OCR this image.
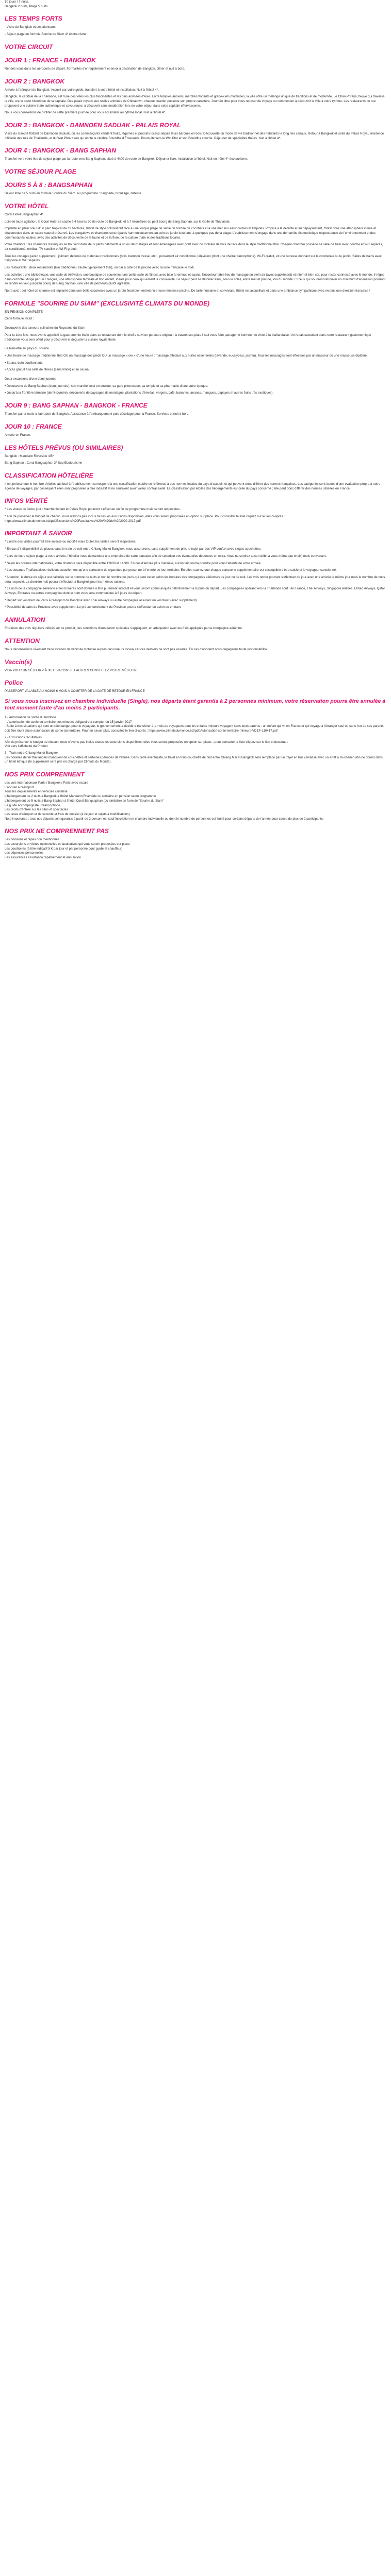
10 jours / 7 nuits.

Bangkok 2 nuits, Plage 5 nuits.

LES TEMPS FORTS

- Visite de Bangkok et ses alentours

- Séjour plage en formule Sourire du Siam 4* écotourisme

VOTRE CIRCUIT
JOUR 1 : FRANCE - BANGKOK

Rendez-vous dans les aéroports de départ. Formalités d'enregistrement et envol à destination de Bangkok. Dîner et nuit à bord.

JOUR 2 : BANGKOK

Arrivée à l'aéroport de Bangkok. Accueil par votre guide, transfert à votre hôtel et installation. Nuit à l'hôtel 4*.

Bangkok, la capitale de la Thaïlande, est l'une des villes les plus fascinantes et les plus animées d'Asie. Entre temples anciens, marchés flottants et gratte-ciels modernes, la ville offre un mélange unique de traditions et de modernité. Le Chao Phraya, fleuve qui traverse la ville, est le cœur historique de la capitale. Des palais royaux aux ruelles animées de Chinatown, chaque quartier possède son propre caractère. Journée libre pour vous reposer du voyage ou commencer à découvrir la ville à votre rythme. Les restaurants de rue proposent une cuisine thaïe authentique et savoureuse, à découvrir sans modération lors de votre séjour dans cette capitale effervescente.

Nous vous conseillons de profiter de cette première journée pour vous acclimater au rythme local. Nuit à l'hôtel 4*.

JOUR 3 : BANGKOK - DAMNOEN SADUAK - PALAIS ROYAL

Visite du marché flottant de Damnoen Saduak, où les commerçants vendent fruits, légumes et produits locaux depuis leurs barques en bois. Découverte du mode de vie traditionnel des habitants le long des canaux. Retour à Bangkok et visite du Palais Royal, résidence officielle des rois de Thaïlande, et du Wat Phra Kaeo qui abrite le célèbre Bouddha d'Émeraude. Poursuite vers le Wat Pho et son Bouddha couché. Déjeuner de spécialités thaïes. Nuit à l'hôtel 4*.

JOUR 4 : BANGKOK - BANG SAPHAN

Transfert vers votre lieu de séjour plage par la route vers Bang Saphan, situé à 4h00 de route de Bangkok. Déjeuner libre. Installation à l'hôtel. Nuit en hôtel 4* écotourisme.

VOTRE SÉJOUR PLAGE
JOURS 5 À 8 : BANGSAPHAN

Séjour libre de 5 nuits en formule Sourire du Siam. Au programme : baignade, bronzage, détente.

VOTRE HÔTEL

Coral Hotel Bangsaphan 4*

Loin de toute agitation, le Coral Hotel se cache à 4 heures 30 de route de Bangkok, et à 7 kilomètres du petit bourg de Bang Saphan, sur le Golfe de Thaïlande.

Implanté en plein cœur d'un parc tropical de 11 hectares, l'hôtel de style colonial fait face à une longue plage de sable fin bordée de cocotiers et à une mer aux eaux calmes et limpides. Propice à la détente et au dépaysement, l'hôtel offre une atmosphère intime et chaleureuse dans un cadre naturel préservé. Les bungalows et chambres sont répartis harmonieusement au sein du jardin luxuriant, à quelques pas de la plage. L'établissement s'engage dans une démarche écotouristique respectueuse de l'environnement et des communautés locales, avec des activités de découverte de la faune et de la flore, de la culture thaïe et des traditions locales.

Votre chambre : les chambres classiques se trouvent dans deux petits bâtiments à un ou deux étages et sont aménagées avec goût avec du mobilier de bois de teck dans le style traditionnel thaï. Chaque chambre possède sa salle de bain avec douche et WC séparés, air conditionné, minibar, TV satellite et Wi-Fi gratuit.

Tous les cottages (avec supplément), joliment décorés de matériaux traditionnels (bois, bambou tressé, etc.), possèdent air conditionné, télévision (dont une chaîne francophone), Wi-Fi gratuit, et une terrasse donnant sur la cocoteraie ou le jardin. Salles de bains avec baignoire et WC séparés.

Les restaurants : deux restaurants (l'un traditionnel, l'autre typiquement thaï), un bar à côté de la piscine avec cuisine française le midi.

Les activités : une bibliothèque, une salle de télévision, une boutique de souvenirs, une petite salle de fitness avec bain à remous et sauna, l'incontournable lieu de massage en plein air (avec supplément) et internet bien sûr, pour rester connecté avec le monde. Il règne dans cet hôtel, dirigé par un Français, une atmosphère familiale et bon enfant, idéale pour ceux qui aiment la convivialité. Le séjour peut se dérouler ainsi, sous le soleil, entre mer et piscine, loin du monde. Et ceux qui voudront retrouver un minimum d'animation pourront se rendre en vélo jusqu'au bourg de Bang Saphan, une ville de pêcheurs plutôt agréable.

Notre avis : cet hôtel de charme est implanté dans une belle cocoteraie avec un jardin fleuri bien entretenu et une immense piscine. De taille humaine et conviviale, l'hôtel est accueillant et dans une ambiance sympathique avec en plus une direction française !

FORMULE "SOURIRE DU SIAM" (EXCLUSIVITÉ CLIMATS DU MONDE)

EN PENSION COMPLÈTE

Cette formule inclut :

Découverte des saveurs culinaires du Royaume du Siam

Pour la 1ère fois, nous avons apprécié la gastronomie thaïe dans ce restaurant dont le chef a suivi un parcours original ; à travers ses plats il sait vous faire partager le bonheur de vivre à la thaïlandaise. Un repas succulent dans notre restaurant gastronomique traditionnel vous sera offert pour y découvrir et déguster la cuisine royale thaïe.

Le bien-être au pays du sourire

• Une heure de massage traditionnel thaï OU un massage des pieds OU un massage « oie » d'une heure : massage effectué aux huiles essentielles (lavande, eucalyptus, jasmin). Tous les massages sont effectués par un masseur ou une masseuse diplômé.

• Sauna, bain bouillonnant.

• Accès gratuit à la salle de fitness (sans limite) et au sauna.

Deux excursions d'une demi-journée

• Découverte de Bang Saphan (demi-journée), son marché local en couleur, sa gare pittoresque, sa temple et sa pharmacie d'une autre époque.

• Jusqu'à la frontière birmane (demi-journée), découverte de paysages de montagne, plantations d'hévéas, vergers, café, bananes, ananas, mangues, papayes et autres fruits très exotiques).

JOUR 9 : BANG SAPHAN - BANGKOK - FRANCE

Transfert par la route à l'aéroport de Bangkok. Assistance à l'embarquement puis décollage pour la France. Services et nuit à bord.

JOUR 10 : FRANCE

Arrivée en France.

LES HÔTELS PRÉVUS (OU SIMILAIRES)

Bangkok : Mandarin Riverside 4/5*

Bang Saphan : Coral Bangsaphan 3* Sup Écotourisme

CLASSIFICATION HÔTELIÈRE

Il est précisé que le nombre d'étoiles attribué à l'établissement correspond à une classification établie en référence à des normes locales du pays d'accueil, et qui peuvent donc différer des normes françaises. Les catégories sont issues d'une évaluation propre à notre agence de voyages, par conséquent elles sont proposées à titre indicatif et ne sauraient avoir valeur contractuelle. La classification par étoiles des hébergements est celle du pays concerné ; elle peut donc différer des normes utilisées en France.

INFOS VÉRITÉ

* Les visites du 3ème jour : Marché flottant et Palais Royal pourront s'effectuer en fin de programme mais seront respectées.

* Afin de préserver le budget de chacun, nous n'avons pas inclus toutes les excursions disponibles, elles vous seront proposées en option sur place. Pour consulter la liste cliquez sur le lien ci-après : https://www.climatsdumonde.biz/pdf/Excursions%20Facultatives%20V%20de%202020-2017.pdf

IMPORTANT À SAVOIR

* L'ordre des visites pourrait être inversé ou modifié mais toutes les visites seront respectées.

* En cas d'indisponibilité de places dans le train de nuit entre Chiang Mai et Bangkok, nous assurerons, sans supplément de prix, le trajet par bus VIP confort avec sièges couchettes.

* Lors de votre séjour plage, à votre arrivée, l'hôtelier vous demandera une empreinte de carte bancaire afin de sécuriser vos éventuelles dépenses en extra. Vous ne sortirez aucun débit à vous-même (au choix) mais convenant.

* Selon les normes internationales, votre chambre sera disponible entre 12h00 et 14h00. En cas d'arrivée plus matinale, aucun fait pourra prendre pour vous l'attente de votre arrivée.

* Les douanes Thaïlandaises réalisent actuellement qu'une cartouche de cigarettes par personne à l'entrée de leur territoire. En effet, sachez que chaque cartouche supplémentaire est susceptible d'être saisie et le voyageur sanctionné.

* Attention, la durée du séjour est calculée sur le nombre de nuits et non le nombre de jours qui peut varier selon les horaires des compagnies aériennes de jour ou de nuit. Les vols retour pouvant s'effectuer de jour avec une arrivée le même jour mais le nombre de nuits sera respecté. La dernière nuit pourra s'effectuer à Bangkok pour les mêmes raisons.

* Le nom de la compagnie aérienne et les horaires sont donnés à titre purement indicatif et vous seront communiqués définitivement à 8 jours du départ. Les compagnies opérant vers la Thaïlande sont : Air France, Thai Airways, Singapore Airlines, Etihad Airways, Qatar Airways, Emirates ou autres compagnies dont le nom vous sera communiqué à 8 jours du départ.

* Départ sur vol direct de Paris à l'aéroport de Bangkok avec Thaï Airways ou autre compagnie assurant un vol direct (avec supplément).

* Possibilité départs de Province avec supplément. Le pré-acheminement de Province pourra s'effectuer en avion ou en train.

ANNULATION

En raison des voIs réguliers utilisés sur ce produit, des conditions d'annulation spéciales s'appliquent, en adéquation avec les frais appliqués par la compagnie aérienne.

ATTENTION

Nous déconseillons vivement toute location de véhicule motorisé auprès des loueurs locaux car ces derniers ne sont pas assurés. En cas d'accident nous dégageons toute responsabilité.

Vaccin(s)

VISA POUR UN SÉJOUR < À 30 J : VACCINS ET AUTRES CONSULTEZ VOTRE MÉDECIN

Police

PASSEPORT VALABLE AU MOINS 6 MOIS À COMPTER DE LA DATE DE RETOUR EN FRANCE

Si vous nous inscrivez en chambre individuelle (Single), nos départs étant garantis à 2 personnes minimum, votre réservation pourra être annulée à tout moment faute d'au moins 2 participants.

1 - Autorisation de sortie du territoire

- L'autorisation de sortie du territoire des mineurs obligatoire à compter du 15 janvier 2017

- Suite à des situations qui sont un réel danger pour le voyageur, le gouvernement a décidé à transférer à 1 mois de voyageurs dont les enfants mineurs voyagent sans leurs parents : un enfant qui vit en France et qui voyage à l'étranger seul ou sans l'un de ses parents doit être muni d'une autorisation de sortie du territoire. Pour en savoir plus, consultez le lien ci-après : https://www.climatsdumonde.biz/pdf/Autorisation-sortie-territoire-mineurs-VDEF-110417.pdf

2 - Excursions facultatives

Afin de préserver le budget de chacun, nous n'avons pas inclus toutes les excursions disponibles, elles vous seront proposées en option sur place... pour consulter la liste cliquez sur le lien ci-dessous :

Voir vers l'affichette du Produit

3 - Train entre Chiang Mai et Bangkok

Les horaires de fer thaïlandais manquent de couchettes et certaines périodes de l'année. Dans cette éventualité, le trajet en train couchette de nuit entre Chiang Mai et Bangkok sera remplacé par un trajet en bus climatisé avec un arrêt à mi-chemin afin de dormir dans un hôtel éthique (le supplément sera pris en charge par Climats du Monde).

NOS PRIX COMPRENNENT

Les vols internationaux Paris / Bangkok / Paris avec escale

L'accueil à l'aéroport

Tous les déplacements en véhicule climatisé

L'hébergement de 2 nuits à Bangkok à l'hôtel Mandarin Riverside ou similaire en pension selon programme

L'hébergement de 5 nuits à Bang Saphan à l'hôtel Coral Bangsaphan (ou similaire) en formule "Sourire du Siam"

Le guide accompagnateur francophone

Les droits d'entrée sur les sites et spectacles

Les taxes d'aéroport et de sécurité et frais de dossier (à ce jour et sujets à modifications)

Note importante : tous nos départs sont garantis à partir de 2 personnes, sauf inscription en chambre individuelle ou dont le nombre de personnes est limité pour certains départs de l'année pour cause de plus de 2 participants.

NOS PRIX NE COMPRENNENT PAS

Les boissons et repas non mentionnés

Les excursions et visites optionnelles et facultatives qui vous seront proposées sur place

Les pourboires (à titre indicatif 5 € par jour et par personne pour guide et chauffeur)

Les dépenses personnelles

Les assurances assistance rapatriement et annulation
